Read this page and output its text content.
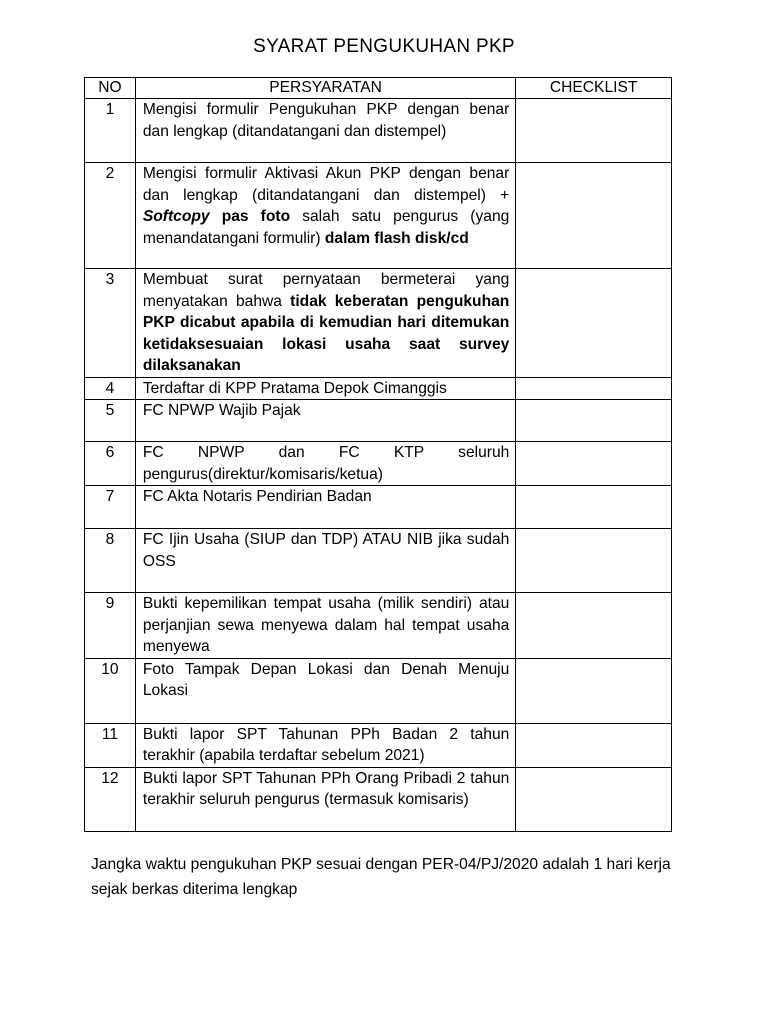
SYARAT PENGUKUHAN PKP
NO	PERSYARATAN	CHECKLIST
1	Mengisi formulir Pengukuhan PKP dengan benar dan lengkap (ditandatangani dan distempel)	
2	Mengisi formulir Aktivasi Akun PKP dengan benar dan lengkap (ditandatangani dan distempel) + Softcopy pas foto salah satu pengurus (yang menandatangani formulir) dalam flash disk/cd	
3	Membuat surat pernyataan bermeterai yang menyatakan bahwa tidak keberatan pengukuhan PKP dicabut apabila di kemudian hari ditemukan ketidaksesuaian lokasi usaha saat survey dilaksanakan	
4	Terdaftar di KPP Pratama Depok Cimanggis	
5	FC NPWP Wajib Pajak	
6	FC NPWP dan FC KTP seluruh pengurus(direktur/komisaris/ketua)	
7	FC Akta Notaris Pendirian Badan	
8	FC Ijin Usaha (SIUP dan TDP) ATAU NIB jika sudah OSS	
9	Bukti kepemilikan tempat usaha (milik sendiri) atau perjanjian sewa menyewa dalam hal tempat usaha menyewa	
10	Foto Tampak Depan Lokasi dan Denah Menuju Lokasi	
11	Bukti lapor SPT Tahunan PPh Badan 2 tahun terakhir (apabila terdaftar sebelum 2021)	
12	Bukti lapor SPT Tahunan PPh Orang Pribadi 2 tahun terakhir seluruh pengurus (termasuk komisaris)	
Jangka waktu pengukuhan PKP sesuai dengan PER-04/PJ/2020 adalah 1 hari kerja sejak berkas diterima lengkap
